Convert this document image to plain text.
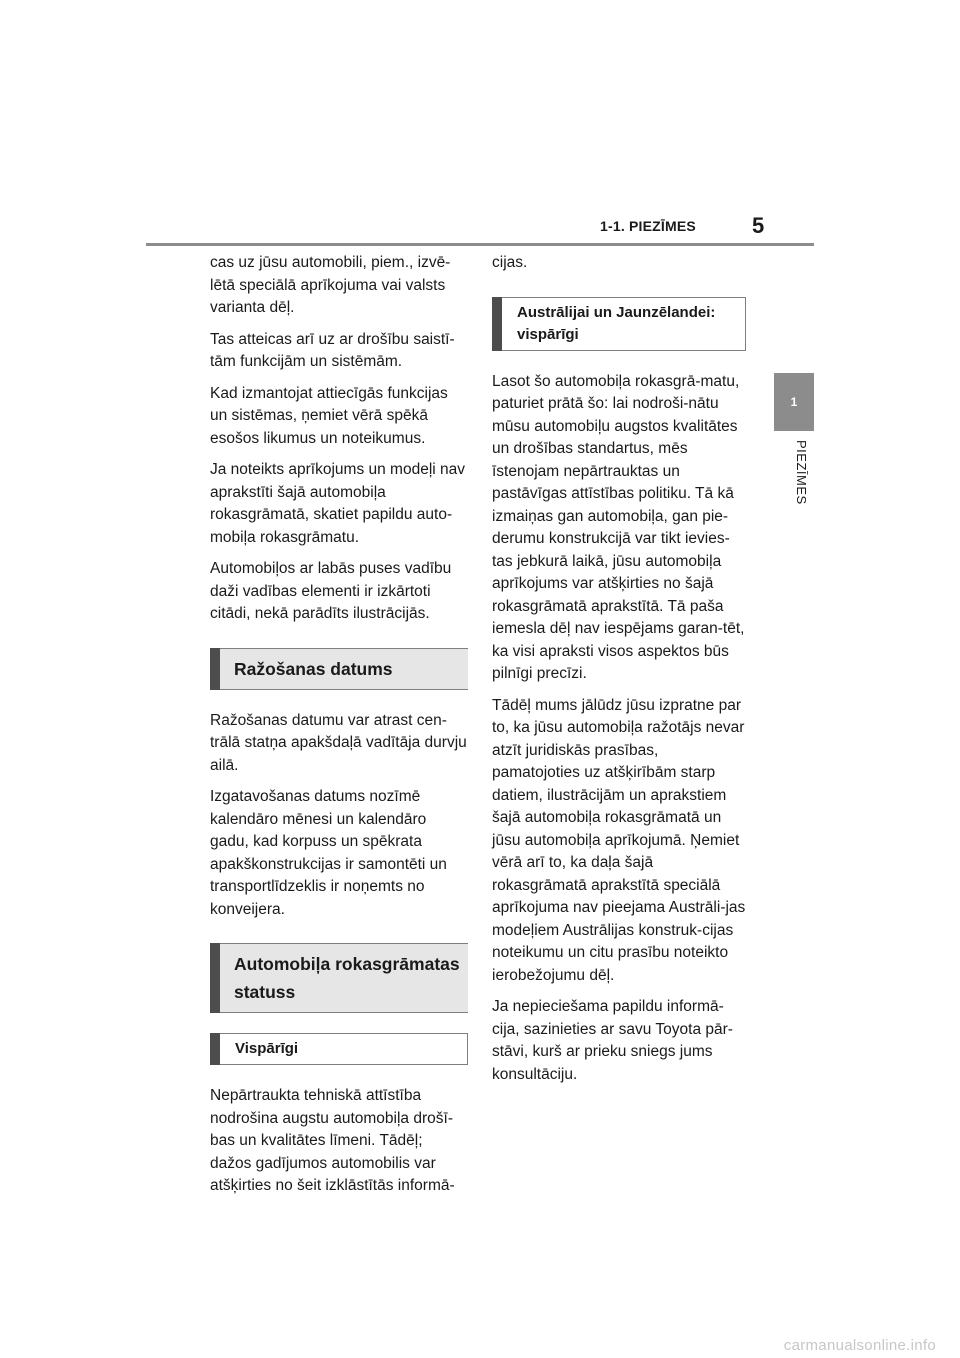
1-1. PIEZĪMES	5
1
PIEZĪMES

cas uz jūsu automobili, piem., izvē-lētā speciālā aprīkojuma vai valsts varianta dēļ.

Tas atteicas arī uz ar drošību saistī-tām funkcijām un sistēmām.

Kad izmantojat attiecīgās funkcijas un sistēmas, ņemiet vērā spēkā esošos likumus un noteikumus.

Ja noteikts aprīkojums un modeļi nav aprakstīti šajā automobiļa rokasgrāmatā, skatiet papildu auto-mobiļa rokasgrāmatu.

Automobiļos ar labās puses vadību daži vadības elementi ir izkārtoti citādi, nekā parādīts ilustrācijās.

Ražošanas datums

Ražošanas datumu var atrast cen-trālā statņa apakšdaļā vadītāja durvju ailā.

Izgatavošanas datums nozīmē kalendāro mēnesi un kalendāro gadu, kad korpuss un spēkrata apakškonstrukcijas ir samontēti un transportlīdzeklis ir noņemts no konveijera.

Automobiļa rokasgrāmatas statuss
Vispārīgi

Nepārtraukta tehniskā attīstība nodrošina augstu automobiļa drošī-bas un kvalitātes līmeni. Tādēļ; dažos gadījumos automobilis var atšķirties no šeit izklāstītās informā-

cijas.

Austrālijai un Jaunzēlandei: vispārīgi

Lasot šo automobiļa rokasgrā-matu, paturiet prātā šo: lai nodroši-nātu mūsu automobiļu augstos kvalitātes un drošības standartus, mēs īstenojam nepārtrauktas un pastāvīgas attīstības politiku. Tā kā izmaiņas gan automobiļa, gan pie-derumu konstrukcijā var tikt ievies-tas jebkurā laikā, jūsu automobiļa aprīkojums var atšķirties no šajā rokasgrāmatā aprakstītā. Tā paša iemesla dēļ nav iespējams garan-tēt, ka visi apraksti visos aspektos būs pilnīgi precīzi.

Tādēļ mums jālūdz jūsu izpratne par to, ka jūsu automobiļa ražotājs nevar atzīt juridiskās prasības, pamatojoties uz atšķirībām starp datiem, ilustrācijām un aprakstiem šajā automobiļa rokasgrāmatā un jūsu automobiļa aprīkojumā. Ņemiet vērā arī to, ka daļa šajā rokasgrāmatā aprakstītā speciālā aprīkojuma nav pieejama Austrāli-jas modeļiem Austrālijas konstruk-cijas noteikumu un citu prasību noteikto ierobežojumu dēļ.

Ja nepieciešama papildu informā-cija, sazinieties ar savu Toyota pār-stāvi, kurš ar prieku sniegs jums konsultāciju.

carmanualsonline.info
